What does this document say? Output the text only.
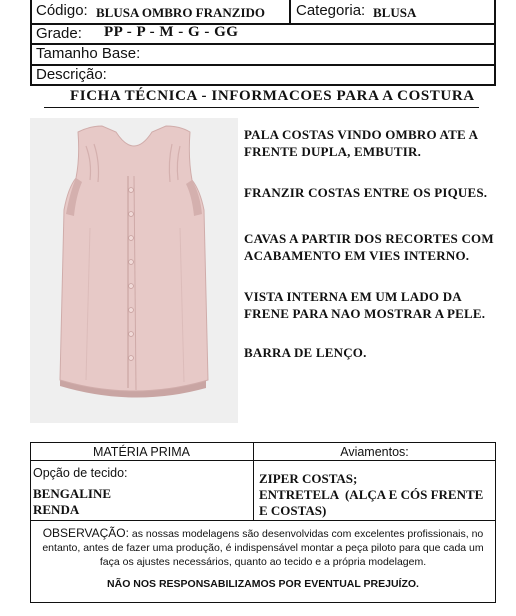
Código: BLUSA OMBRO FRANZIDO Categoria: BLUSA
Grade: PP - P - M - G - GG
Tamanho Base:
Descrição:
FICHA TÉCNICA - INFORMACOES PARA A COSTURA
PALA COSTAS VINDO OMBRO ATE A
FRENTE DUPLA, EMBUTIR.
FRANZIR COSTAS ENTRE OS PIQUES.
CAVAS A PARTIR DOS RECORTES COM
ACABAMENTO EM VIES INTERNO.
VISTA INTERNA EM UM LADO DA
FRENE PARA NAO MOSTRAR A PELE.
BARRA DE LENÇO.
MATÉRIA PRIMA	Aviamentos:
Opção de tecido:
BENGALINE
RENDA
ZIPER COSTAS;
ENTRETELA  (ALÇA E CÓS FRENTE
E COSTAS)
OBSERVAÇÃO: as nossas modelagens são desenvolvidas com excelentes profissionais, no entanto, antes de fazer uma produção, é indispensável montar a peça piloto para que cada um faça os ajustes necessários, quanto ao tecido e a própria modelagem.
NÃO NOS RESPONSABILIZAMOS POR EVENTUAL PREJUÍZO.
